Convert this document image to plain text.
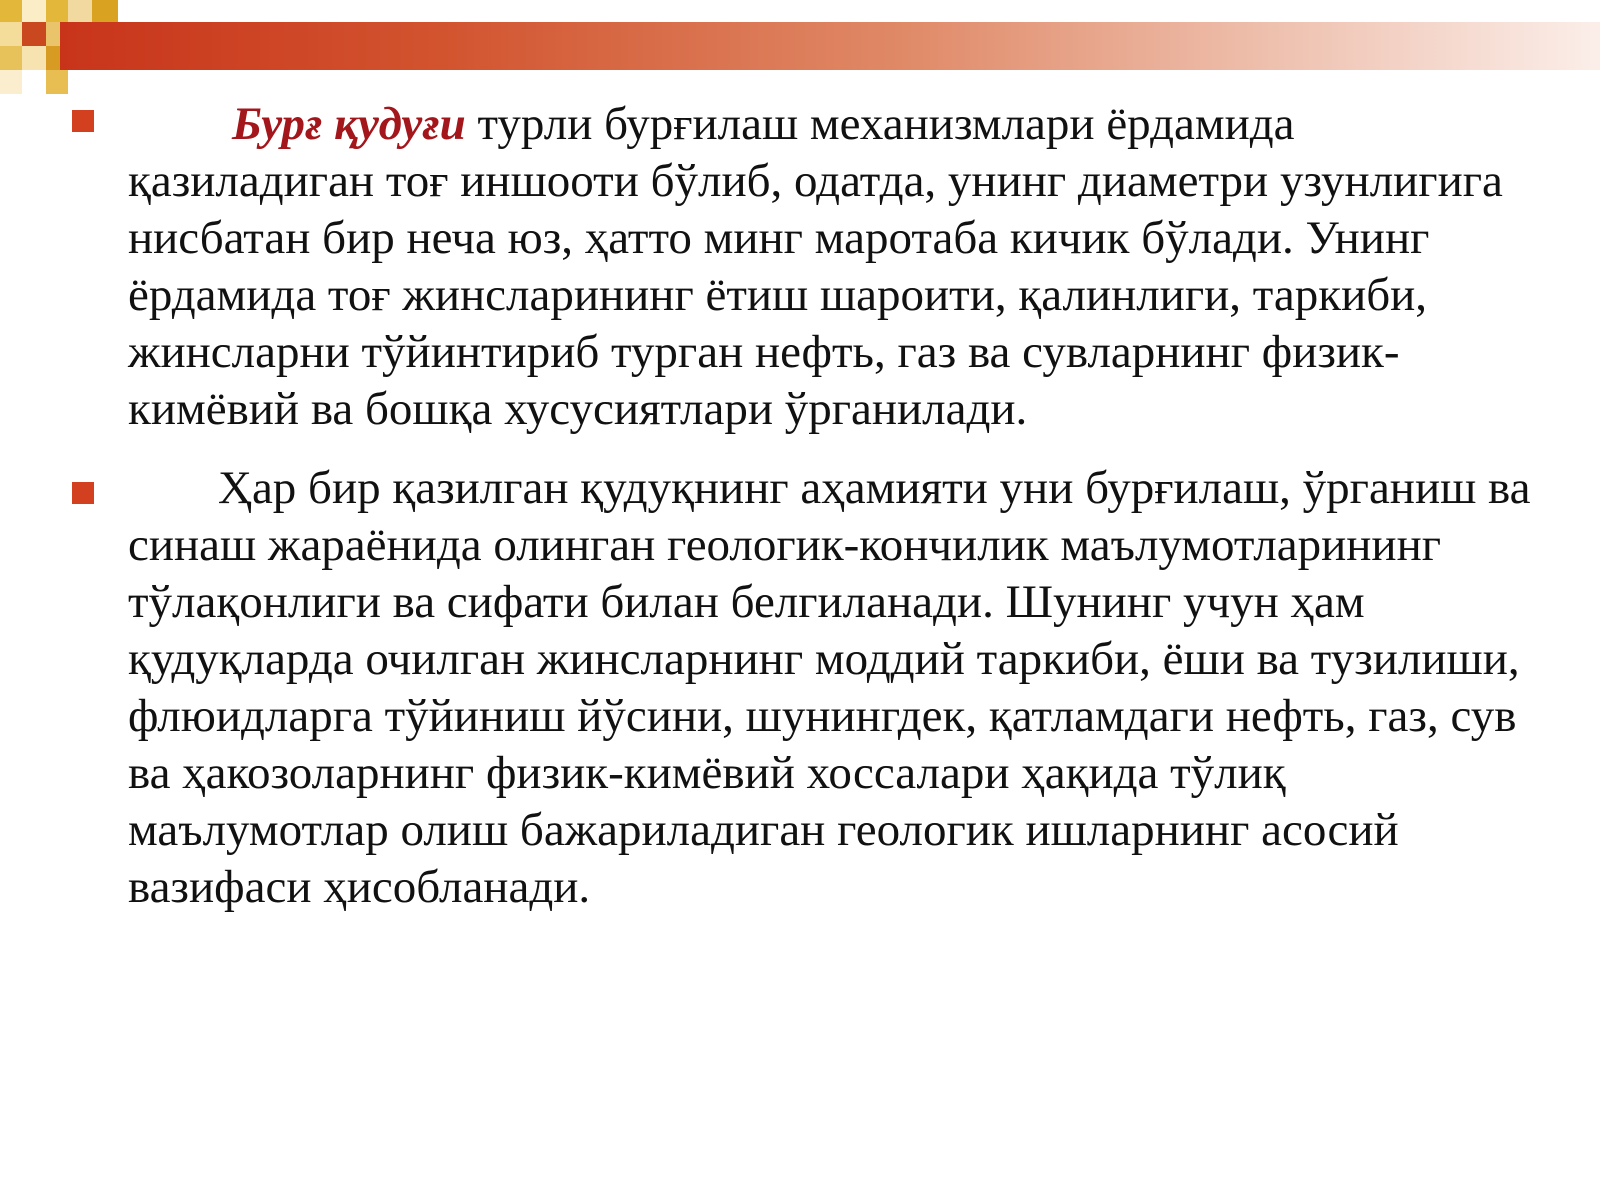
Бурғ қудуғи турли бурғилаш механизмлари ёрдамида қазиладиган тоғ иншооти бўлиб, одатда, унинг диаметри узунлигига нисбатан бир неча юз, ҳатто минг маротаба кичик бўлади. Унинг ёрдамида тоғ жинсларининг ётиш шароити, қалинлиги, таркиби, жинсларни тўйинтириб турган нефть, газ ва сувларнинг физик-кимёвий ва бошқа хусусиятлари ўрганилади.

Ҳар бир қазилган қудуқнинг аҳамияти уни бурғилаш, ўрганиш ва синаш жараёнида олинган геологик-кончилик маълумотларининг тўлақонлиги ва сифати билан белгиланади. Шунинг учун ҳам қудуқларда очилган жинсларнинг моддий таркиби, ёши ва тузилиши, флюидларга тўйиниш йўсини, шунингдек, қатламдаги нефть, газ, сув ва ҳакозоларнинг физик-кимёвий хоссалари ҳақида тўлиқ маълумотлар олиш бажариладиган геологик ишларнинг асосий вазифаси ҳисобланади.
